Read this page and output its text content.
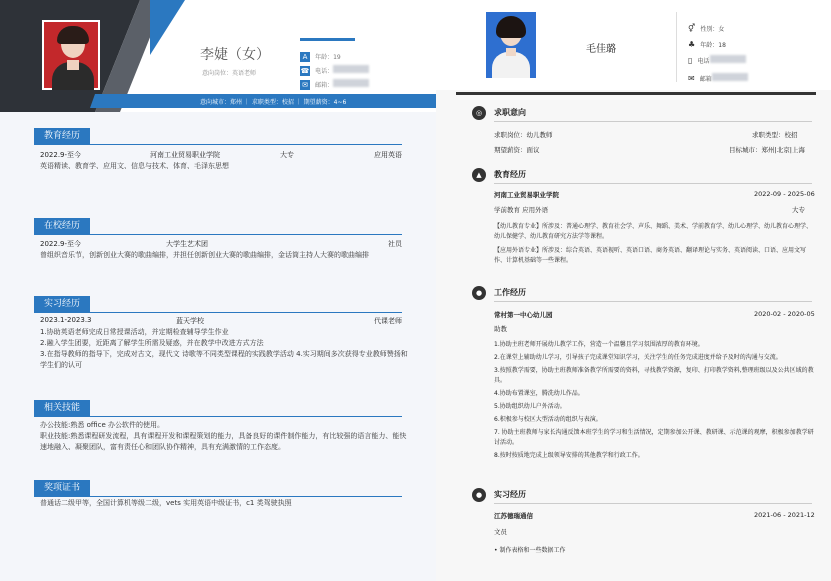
李婕（女）
意向岗位：英语老师
A 年龄：19
☎ 电话：
✉ 邮箱：
意向城市：郑州 ｜ 求职类型：校招 ｜ 期望薪资：4~6
教育经历
2022.9-至今	河南工业贸易职业学院	大专	应用英语
英语精读、教育学、应用文、信息与技术、体育、毛泽东思想
在校经历
2022.9-至今	大学生艺术团	社员
曾组织音乐节，创新创业大赛的歌曲编排，并担任创新创业大赛的歌曲编排，金话筒主持人大赛的歌曲编排
实习经历
2023.1-2023.3	蓝天学校	代课老师
1.协助英语老师完成日常授课活动，并定期检查辅导学生作业
2.融入学生团要，近距离了解学生所需及疑惑，并在教学中改进方式方法
3.在指导教师的指导下，完成对古文，现代文 诗歌等不同类型课程的实践教学活动 4.实习期间多次获得专业教师赞扬和学生们的认可
相关技能
办公技能:熟悉 office 办公软件的使用。
职业技能:熟悉课程研发流程，具有课程开发和课程策划的能力，具备良好的课件制作能力，有比较强的语言能力、能快速地融入、凝聚团队，富有责任心和团队协作精神，具有充满激情的工作态度。
奖项证书
普通话二级甲等，全国计算机等级二级，vets 实用英语中级证书，c1 类驾驶执照
毛佳璐
⚥ 性别：女
♣ 年龄：18
▯ 电话
✉ 邮箱
◎	求职意向
求职岗位：幼儿教师	求职类型：校招
期望薪资：面议	目标城市：郑州|北京|上海
▲	教育经历
河南工业贸易职业学院	2022-09 - 2025-06
学前教育 应用外语	大专
【幼儿教育专业】所涉及：普通心理学、教育社会学、声乐、舞蹈、美术、学前教育学、幼儿心理学、幼儿教育心理学、幼儿保健学、幼儿教育研究方法学等课程。
【应用外语专业】所涉及：综合英语、英语视听、英语口语、商务英语、翻译理论与实务、英语阅读、口语、应用文写作、计算机基础等一些课程。
●	工作经历
常村第一中心幼儿园	2020-02 - 2020-05
助教
1.协助主班老师开展幼儿教学工作，营造一个温馨且学习氛围浓厚的教育环境。
2.在课堂上辅助幼儿学习，引导孩子完成课堂知识学习，关注学生的任务完成进度并给予及时的沟通与交流。
3.按照教学需要，协助主班教师准备教学所需要的资料，寻找教学资源，复印、打印教学资料,整理班级以及公共区域的教具。
4.协助布置课室，腾洗幼儿作品。
5.协助组织幼儿户外活动。
6.积极参与校区大型活动的组织与表演。
7. 协助主班教师与家长沟通反馈本班学生的学习和生活情况，定期参加公开课、教研课、示范课的观摩，积极参加教学研讨活动。
8.按时按质地完成上级领导安排的其他教学和行政工作。
●	实习经历
江苏德瑞通信	2021-06 - 2021-12
文员
• 制作表格和一些数据工作
